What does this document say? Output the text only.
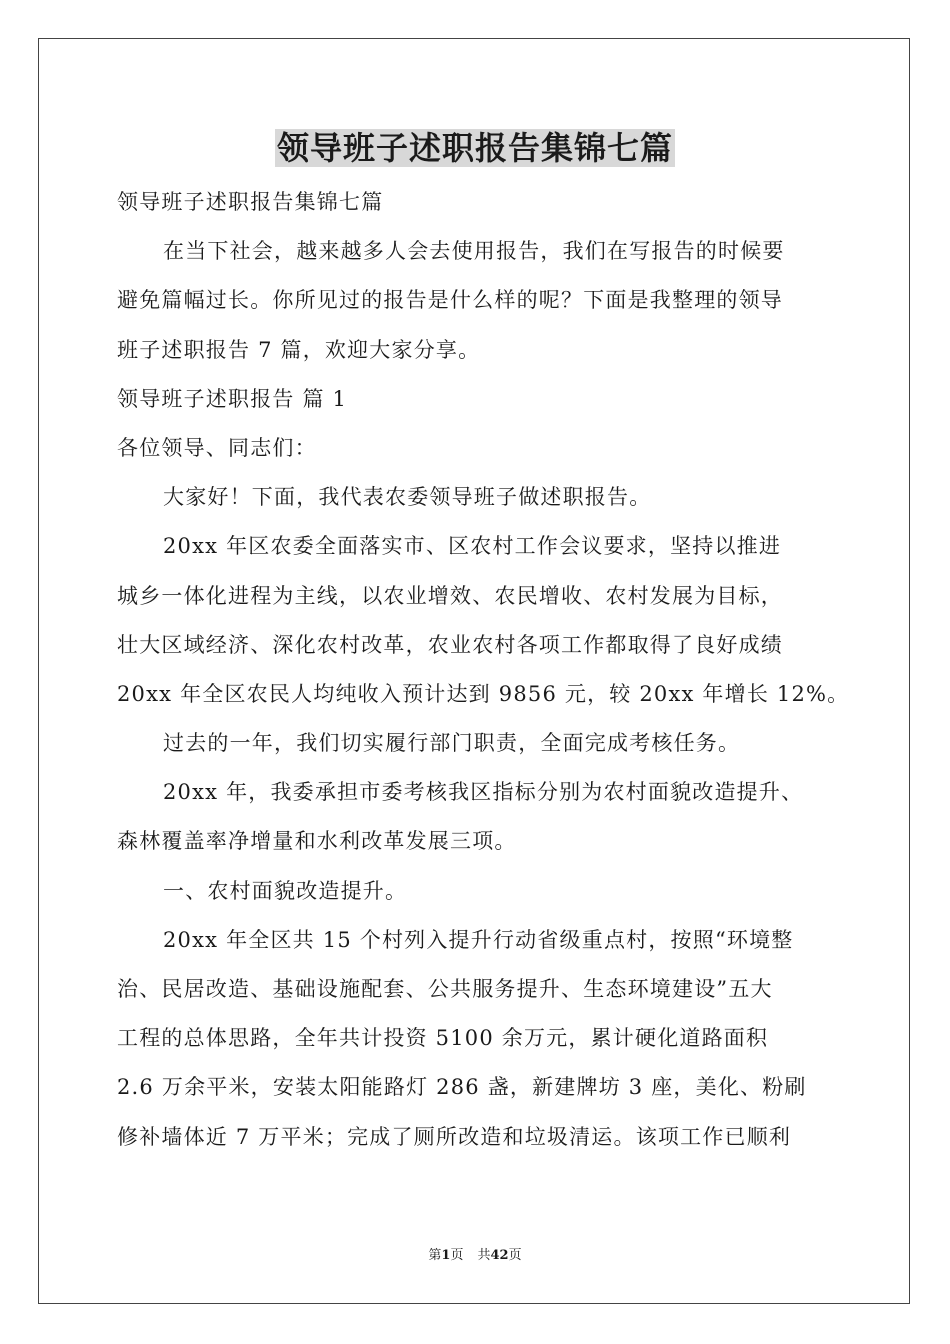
领导班子述职报告集锦七篇
领导班子述职报告集锦七篇
在当下社会，越来越多人会去使用报告，我们在写报告的时候要
避免篇幅过长。你所见过的报告是什么样的呢？下面是我整理的领导
班子述职报告 7 篇，欢迎大家分享。
领导班子述职报告 篇 1
各位领导、同志们：
大家好！下面，我代表农委领导班子做述职报告。
20xx 年区农委全面落实市、区农村工作会议要求，坚持以推进
城乡一体化进程为主线，以农业增效、农民增收、农村发展为目标，
壮大区域经济、深化农村改革，农业农村各项工作都取得了良好成绩
20xx 年全区农民人均纯收入预计达到 9856 元，较 20xx 年增长 12%。
过去的一年，我们切实履行部门职责，全面完成考核任务。
20xx 年，我委承担市委考核我区指标分别为农村面貌改造提升、
森林覆盖率净增量和水利改革发展三项。
一、农村面貌改造提升。
20xx 年全区共 15 个村列入提升行动省级重点村，按照“环境整
治、民居改造、基础设施配套、公共服务提升、生态环境建设”五大
工程的总体思路，全年共计投资 5100 余万元，累计硬化道路面积
2.6 万余平米，安装太阳能路灯 286 盏，新建牌坊 3 座，美化、粉刷
修补墙体近 7 万平米；完成了厕所改造和垃圾清运。该项工作已顺利
第1页 共42页
